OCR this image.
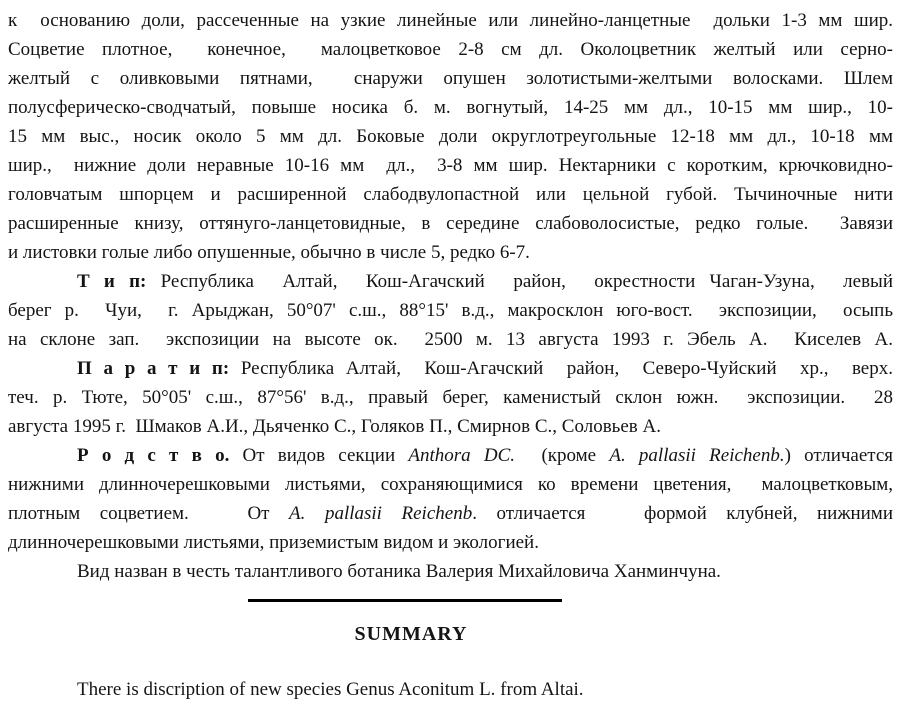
к  основанию доли, рассеченные на узкие линейные или линейно-ланцетные  дольки 1-3 мм шир.
Соцветие плотное,  конечное,  малоцветковое 2-8 см дл. Околоцветник желтый или серно-
желтый с оливковыми пятнами,  снаружи опушен золотистыми-желтыми волосками. Шлем
полусферическо-сводчатый, повыше носика б. м. вогнутый, 14-25 мм дл., 10-15 мм шир., 10-
15 мм выс., носик около 5 мм дл. Боковые доли округлотреугольные 12-18 мм дл., 10-18 мм
шир.,  нижние доли неравные 10-16 мм  дл.,  3-8 мм шир. Нектарники с коротким, крючковидно-
головчатым шпорцем и расширенной слабодвулопастной или цельной губой. Тычиночные нити
расширенные книзу, оттянуго-ланцетовидные, в середине слабоволосистые, редко голые.  Завязи
и листовки голые либо опушенные, обычно в числе 5, редко 6-7.
Т и п: Республика  Алтай,  Кош-Агачский  район,  окрестности Чаган-Узуна,  левый
берег р.  Чуи,  г. Арыджан, 50°07' с.ш., 88°15' в.д., макросклон юго-вост.  экспозиции,  осыпь
на склоне зап.  экспозиции на высоте ок.  2500 м. 13 августа 1993 г. Эбель А.  Киселев А.
П а р а т и п: Республика Алтай,  Кош-Агачский  район,  Северо-Чуйский  хр.,  верх.
теч. р. Тюте, 50°05' с.ш., 87°56' в.д., правый берег, каменистый склон южн.  экспозиции.  28
августа 1995 г.  Шмаков А.И., Дьяченко С., Голяков П., Смирнов С., Соловьев А.
Р о д с т в о. От видов секции Anthora DC.  (кроме A. pallasii Reichenb.) отличается
нижними длинночерешковыми листьями, сохраняющимися ко времени цветения,  малоцветковым,
плотным соцветием.   От A. pallasii Reichenb. отличается   формой клубней, нижними
длинночерешковыми листьями, приземистым видом и экологией.
Вид назван в честь талантливого ботаника Валерия Михайловича Ханминчуна.
SUMMARY
There is discription of new species Genus Aconitum L. from Altai.
